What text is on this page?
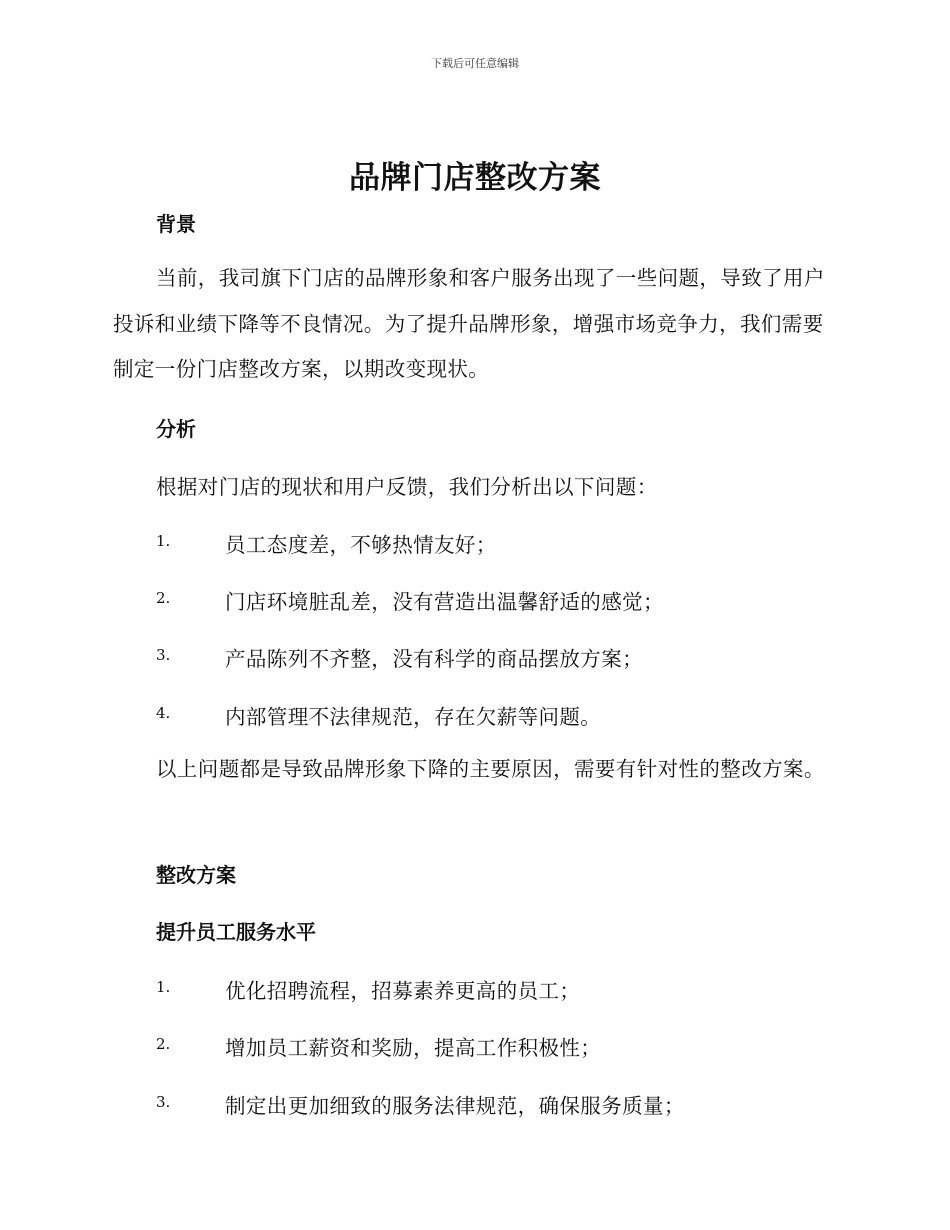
下载后可任意编辑
品牌门店整改方案
背景
当前，我司旗下门店的品牌形象和客户服务出现了一些问题，导致了用户投诉和业绩下降等不良情况。为了提升品牌形象，增强市场竞争力，我们需要制定一份门店整改方案，以期改变现状。
分析
根据对门店的现状和用户反馈，我们分析出以下问题：
1.	员工态度差，不够热情友好；
2.	门店环境脏乱差，没有营造出温馨舒适的感觉；
3.	产品陈列不齐整，没有科学的商品摆放方案；
4.	内部管理不法律规范，存在欠薪等问题。
以上问题都是导致品牌形象下降的主要原因，需要有针对性的整改方案。
整改方案
提升员工服务水平
1.	优化招聘流程，招募素养更高的员工；
2.	增加员工薪资和奖励，提高工作积极性；
3.	制定出更加细致的服务法律规范，确保服务质量；
